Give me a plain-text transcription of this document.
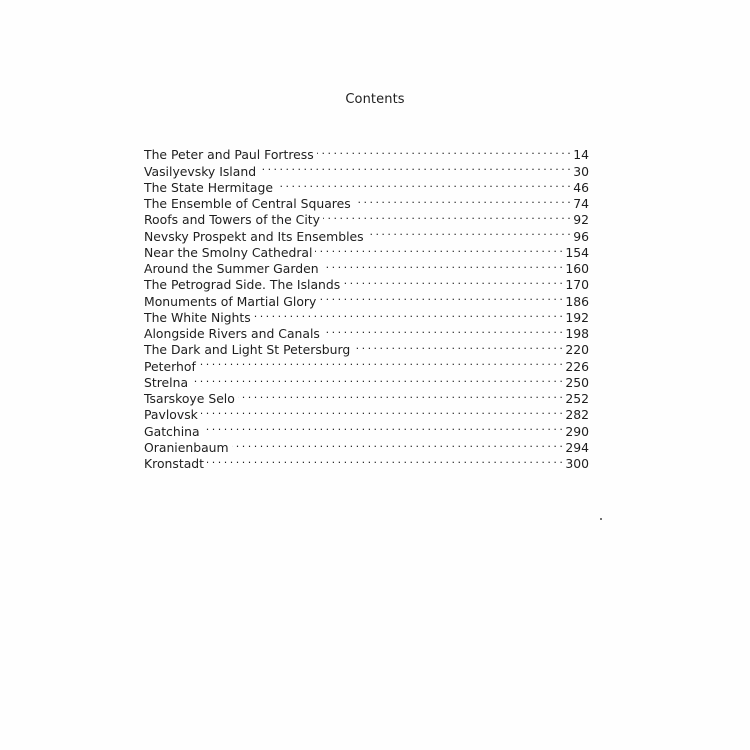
Contents
The Peter and Paul Fortress . . .	14
Vasilyevsky Island . . .	30
The State Hermitage . . .	46
The Ensemble of Central Squares . . .	74
Roofs and Towers of the City . . .	92
Nevsky Prospekt and Its Ensembles . . .	96
Near the Smolny Cathedral . . .	154
Around the Summer Garden . . .	160
The Petrograd Side. The Islands . . .	170
Monuments of Martial Glory . . .	186
The White Nights . . .	192
Alongside Rivers and Canals . . .	198
The Dark and Light St Petersburg . . .	220
Peterhof . . .	226
Strelna . . .	250
Tsarskoye Selo . . .	252
Pavlovsk . . .	282
Gatchina . . .	290
Oranienbaum . . .	294
Kronstadt . . .	300
